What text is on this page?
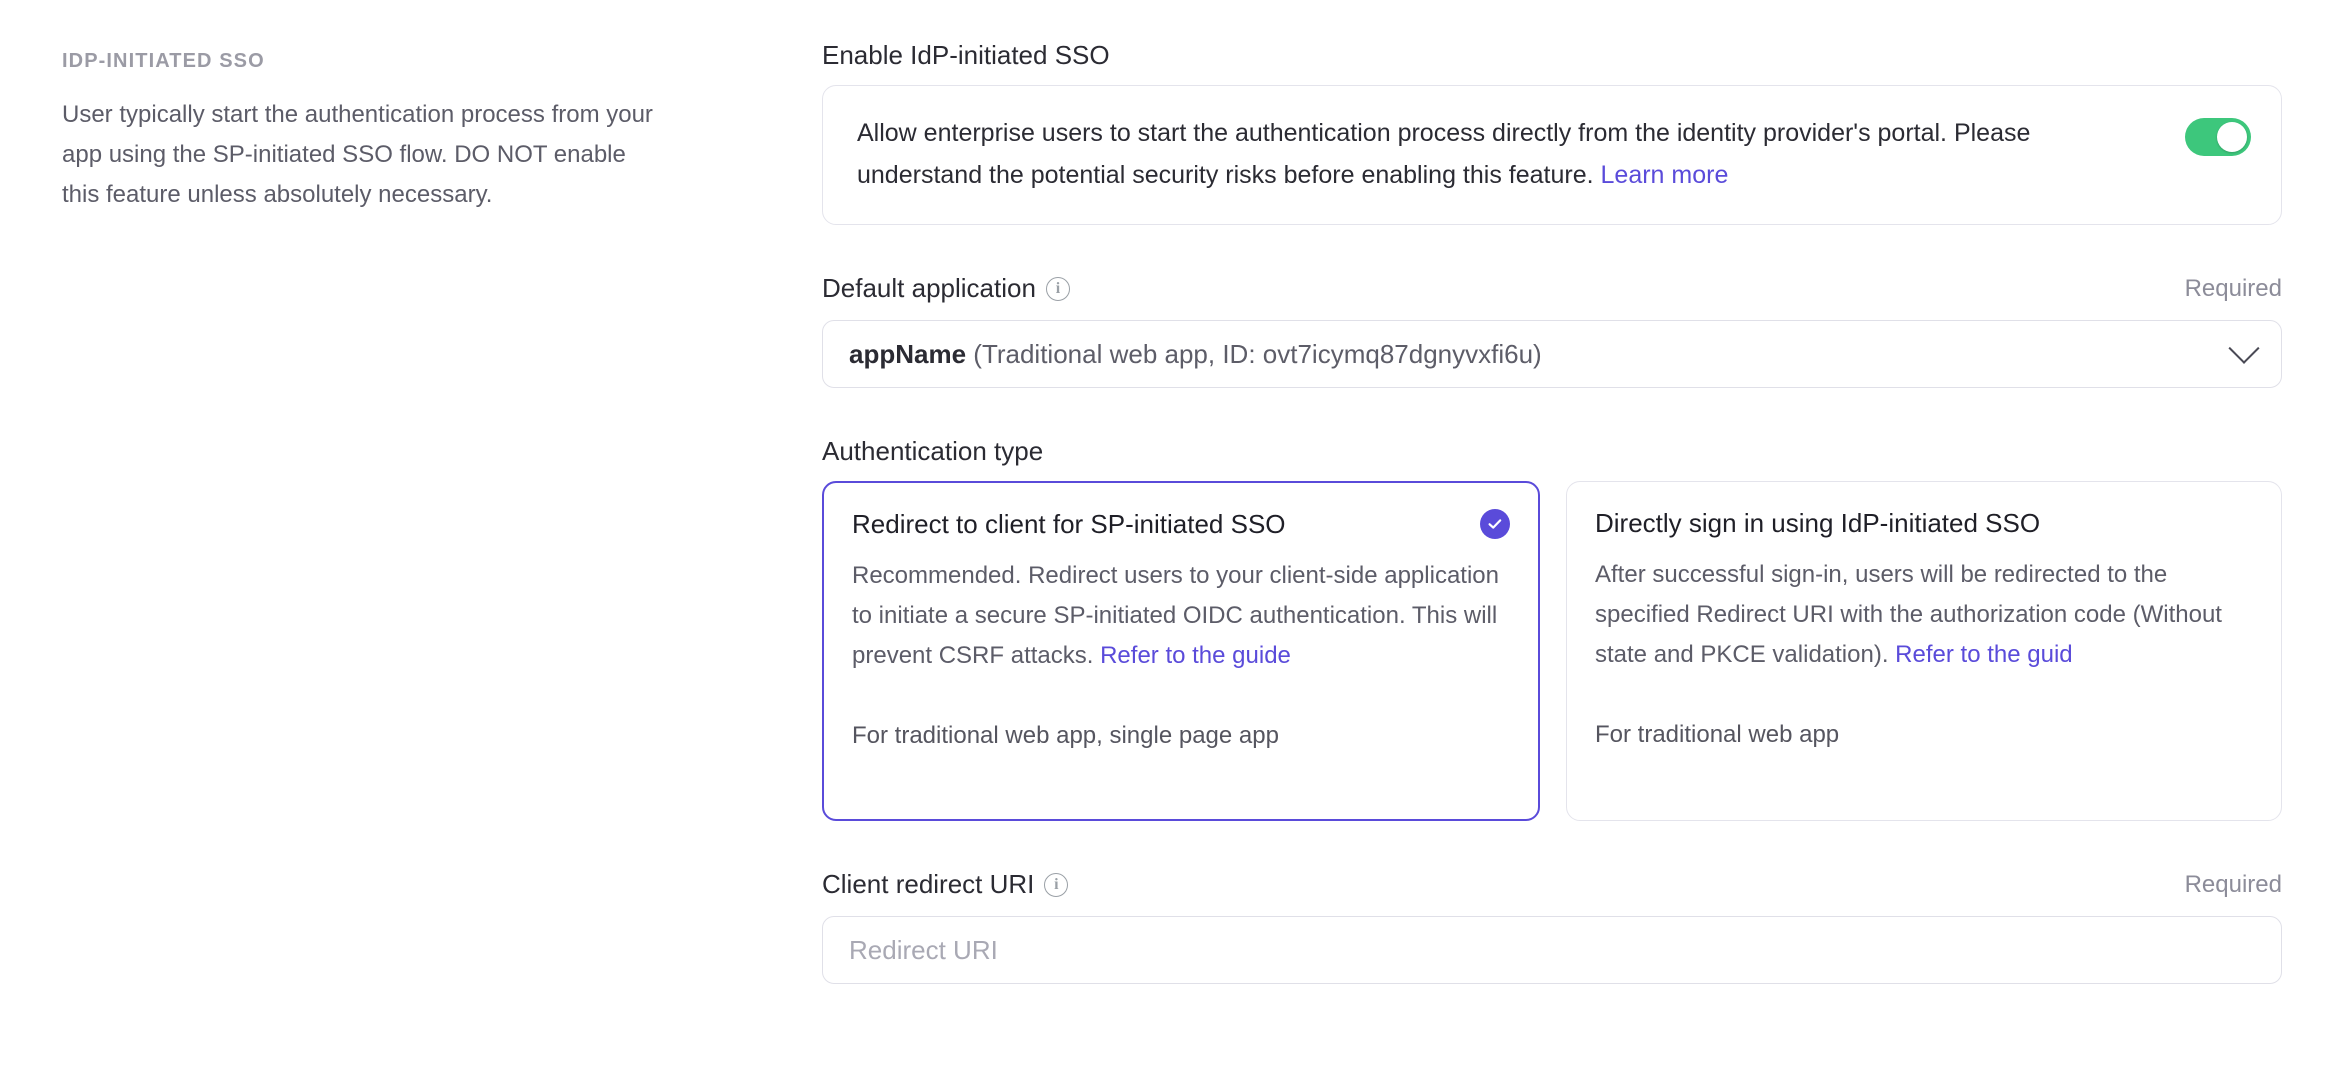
IDP-INITIATED SSO
User typically start the authentication process from your app using the SP-initiated SSO flow. DO NOT enable this feature unless absolutely necessary.
Enable IdP-initiated SSO
Allow enterprise users to start the authentication process directly from the identity provider's portal. Please understand the potential security risks before enabling this feature. Learn more
Default application	i	Required
appName (Traditional web app, ID: ovt7icymq87dgnyvxfi6u)
Authentication type
Redirect to client for SP-initiated SSO
Recommended. Redirect users to your client-side application to initiate a secure SP-initiated OIDC authentication. This will prevent CSRF attacks. Refer to the guide
For traditional web app, single page app
Directly sign in using IdP-initiated SSO
After successful sign-in, users will be redirected to the specified Redirect URI with the authorization code (Without state and PKCE validation). Refer to the guid
For traditional web app
Client redirect URI	i	Required
Redirect URI
